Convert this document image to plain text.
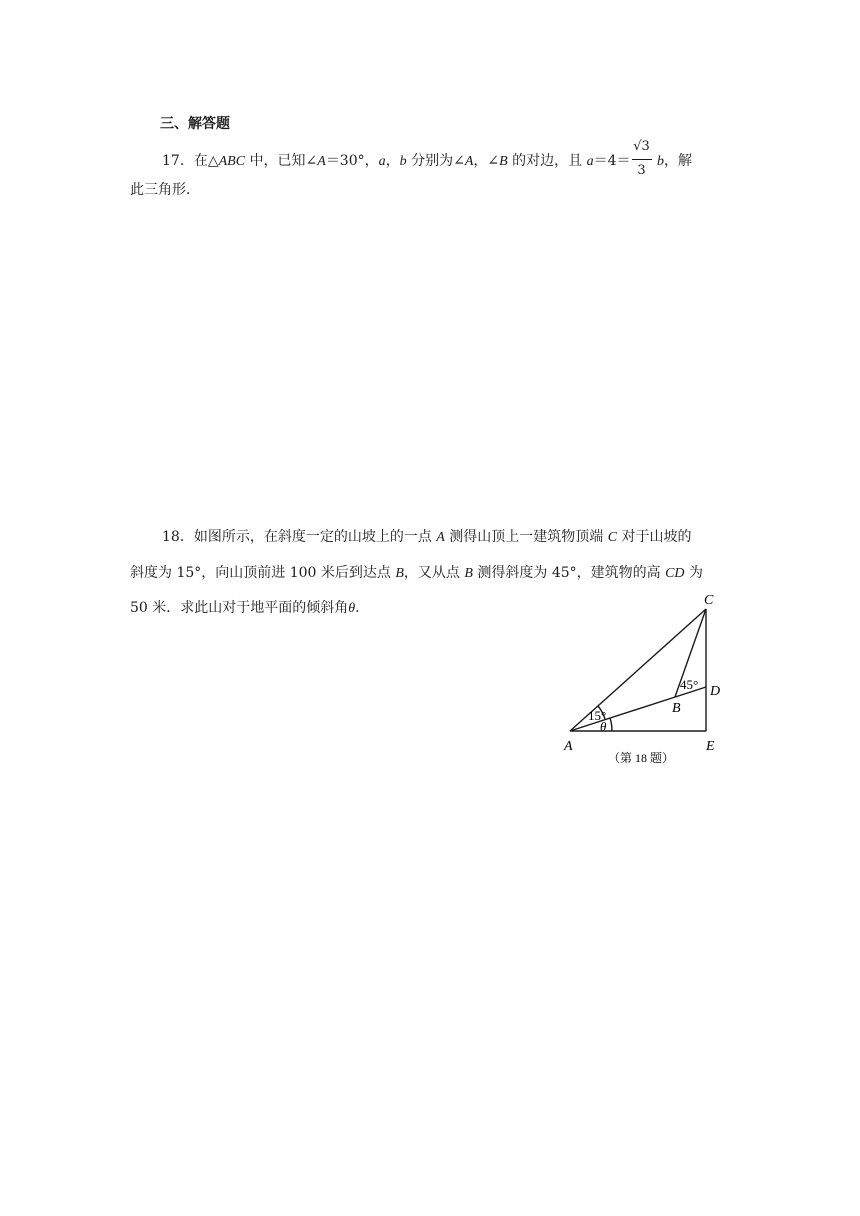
三、解答题
17．在△ABC 中，已知∠A＝30°，a，b 分别为∠A，∠B 的对边，且 $a=4= \frac{√3}{3}$ b，解
此三角形．
18．如图所示，在斜度一定的山坡上的一点 A 测得山顶上一建筑物顶端 C 对于山坡的
斜度为 15°，向山顶前进 100 米后到达点 B，又从点 B 测得斜度为 45°，建筑物的高 CD 为
50 米．求此山对于地平面的倾斜角θ.	C
D
B
A	E
45°
15°
θ
（第 18 题）
